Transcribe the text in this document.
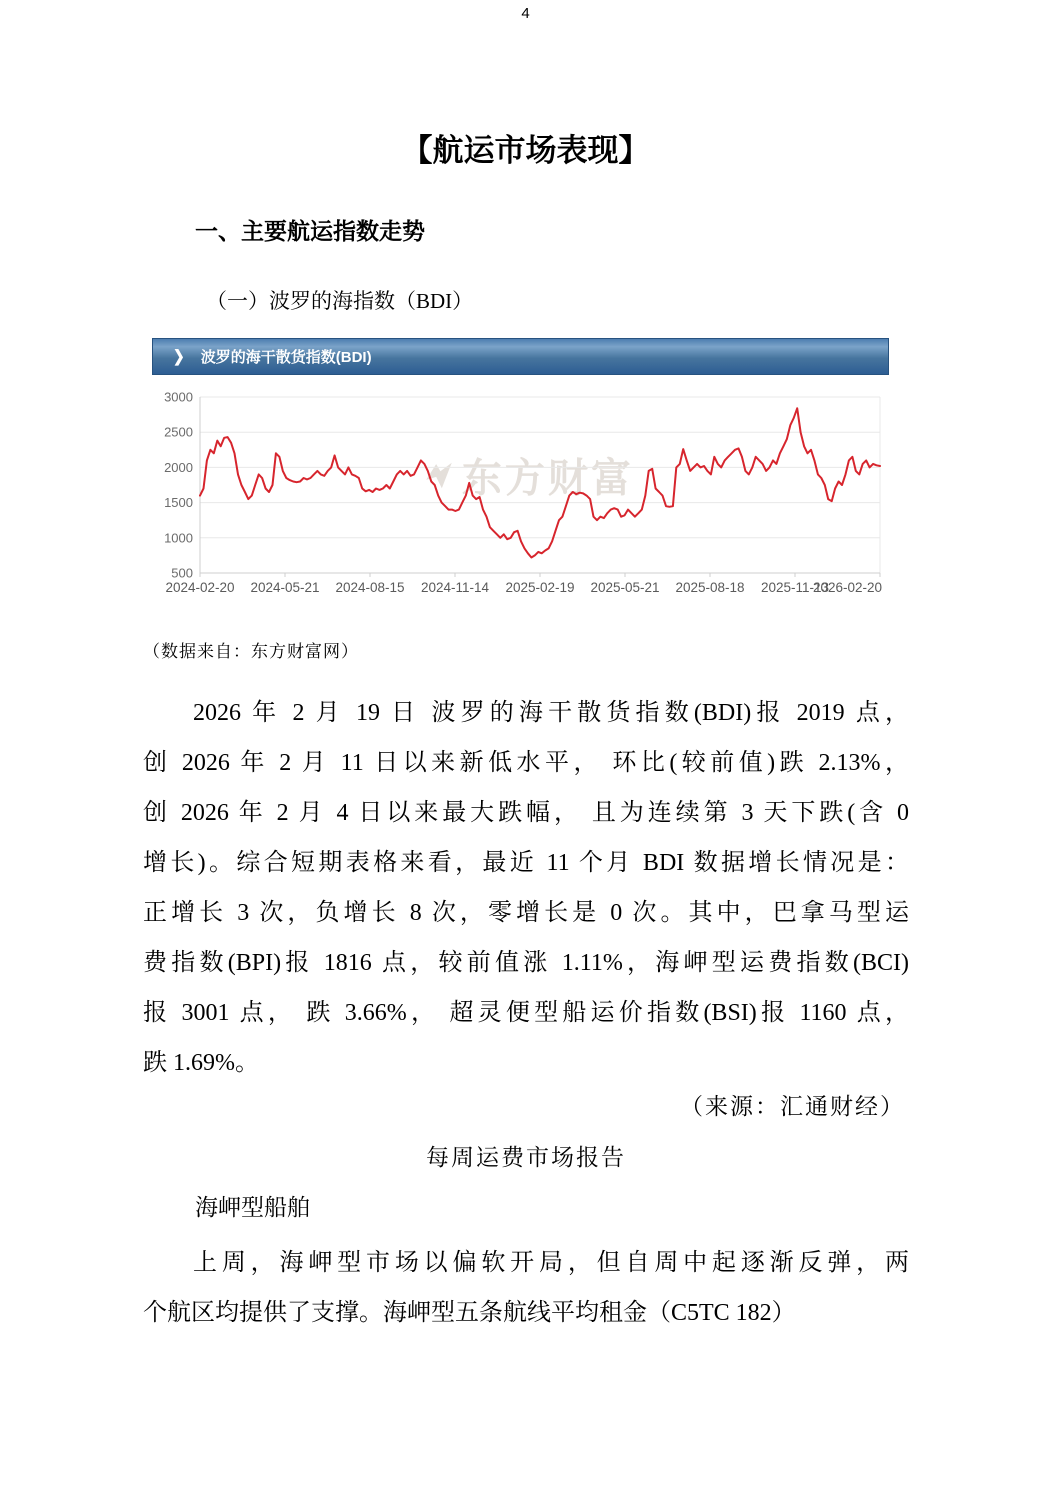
4
【航运市场表现】
一、主要航运指数走势
（一）波罗的海指数（BDI）
❯ 波罗的海干散货指数(BDI)
东方财富
500
1000
1500
2000
2500
3000
2024-02-20 2024-05-21 2024-08-15 2024-11-14 2025-02-19 2025-05-21 2025-08-18 2025-11-13
2026-02-20
（数据来自：东方财富网）
2026 年 2 月 19 日 波罗的海干散货指数(BDI)报 2019 点，
创 2026 年 2 月 11 日以来新低水平， 环比(较前值)跌 2.13%，
创 2026 年 2 月 4 日以来最大跌幅， 且为连续第 3 天下跌(含 0
增长)。综合短期表格来看，最近 11 个月 BDI 数据增长情况是：
正增长 3 次，负增长 8 次，零增长是 0 次。其中，巴拿马型运
费指数(BPI)报 1816 点，较前值涨 1.11%，海岬型运费指数(BCI)
报 3001 点， 跌 3.66%， 超灵便型船运价指数(BSI)报 1160 点，
跌 1.69%。
（来源：汇通财经）
每周运费市场报告
海岬型船舶
上周，海岬型市场以偏软开局，但自周中起逐渐反弹，两
个航区均提供了支撑。海岬型五条航线平均租金（C5TC 182）
